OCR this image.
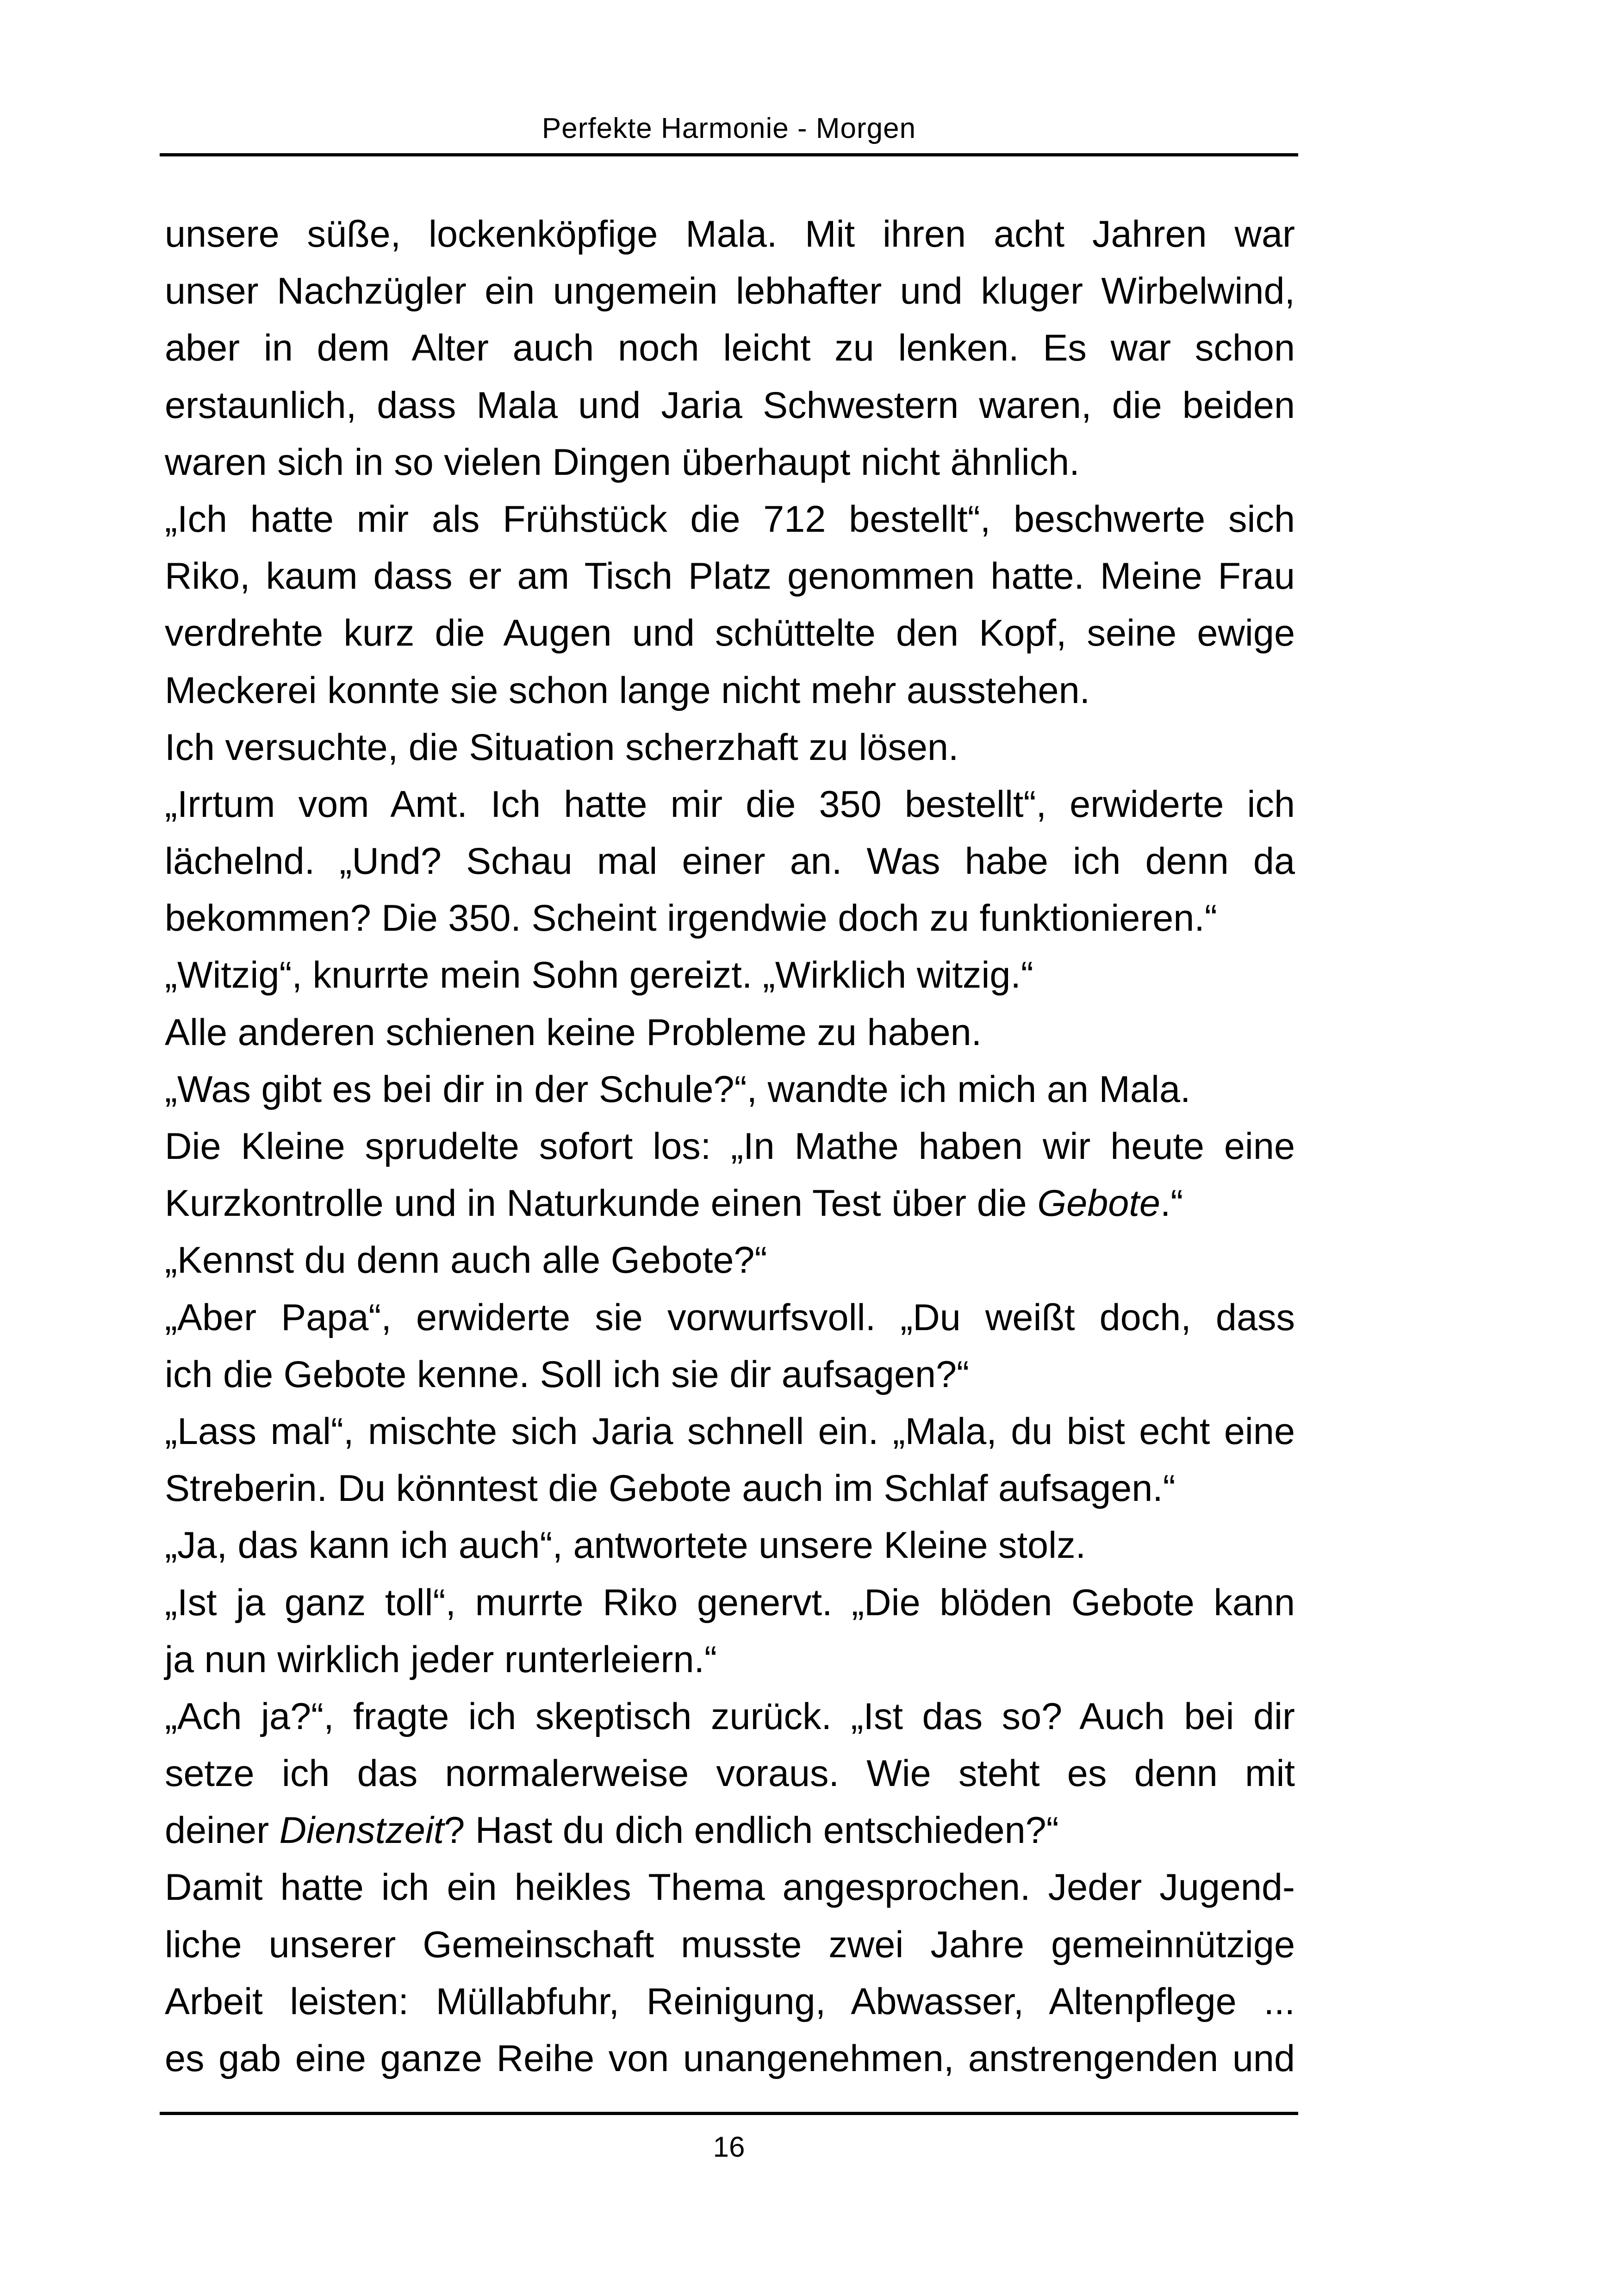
Perfekte Harmonie - Morgen
unsere süße, lockenköpfige Mala. Mit ihren acht Jahren war
unser Nachzügler ein ungemein lebhafter und kluger Wirbelwind,
aber in dem Alter auch noch leicht zu lenken. Es war schon
erstaunlich, dass Mala und Jaria Schwestern waren, die beiden
waren sich in so vielen Dingen überhaupt nicht ähnlich.
„Ich hatte mir als Frühstück die 712 bestellt“, beschwerte sich
Riko, kaum dass er am Tisch Platz genommen hatte. Meine Frau
verdrehte kurz die Augen und schüttelte den Kopf, seine ewige
Meckerei konnte sie schon lange nicht mehr ausstehen.
Ich versuchte, die Situation scherzhaft zu lösen.
„Irrtum vom Amt. Ich hatte mir die 350 bestellt“, erwiderte ich
lächelnd. „Und? Schau mal einer an. Was habe ich denn da
bekommen? Die 350. Scheint irgendwie doch zu funktionieren.“
„Witzig“, knurrte mein Sohn gereizt. „Wirklich witzig.“
Alle anderen schienen keine Probleme zu haben.
„Was gibt es bei dir in der Schule?“, wandte ich mich an Mala.
Die Kleine sprudelte sofort los: „In Mathe haben wir heute eine
Kurzkontrolle und in Naturkunde einen Test über die Gebote.“
„Kennst du denn auch alle Gebote?“
„Aber Papa“, erwiderte sie vorwurfsvoll. „Du weißt doch, dass
ich die Gebote kenne. Soll ich sie dir aufsagen?“
„Lass mal“, mischte sich Jaria schnell ein. „Mala, du bist echt eine
Streberin. Du könntest die Gebote auch im Schlaf aufsagen.“
„Ja, das kann ich auch“, antwortete unsere Kleine stolz.
„Ist ja ganz toll“, murrte Riko genervt. „Die blöden Gebote kann
ja nun wirklich jeder runterleiern.“
„Ach ja?“, fragte ich skeptisch zurück. „Ist das so? Auch bei dir
setze ich das normalerweise voraus. Wie steht es denn mit
deiner Dienstzeit? Hast du dich endlich entschieden?“
Damit hatte ich ein heikles Thema angesprochen. Jeder Jugend-
liche unserer Gemeinschaft musste zwei Jahre gemeinnützige
Arbeit leisten: Müllabfuhr, Reinigung, Abwasser, Altenpflege ...
es gab eine ganze Reihe von unangenehmen, anstrengenden und
16
